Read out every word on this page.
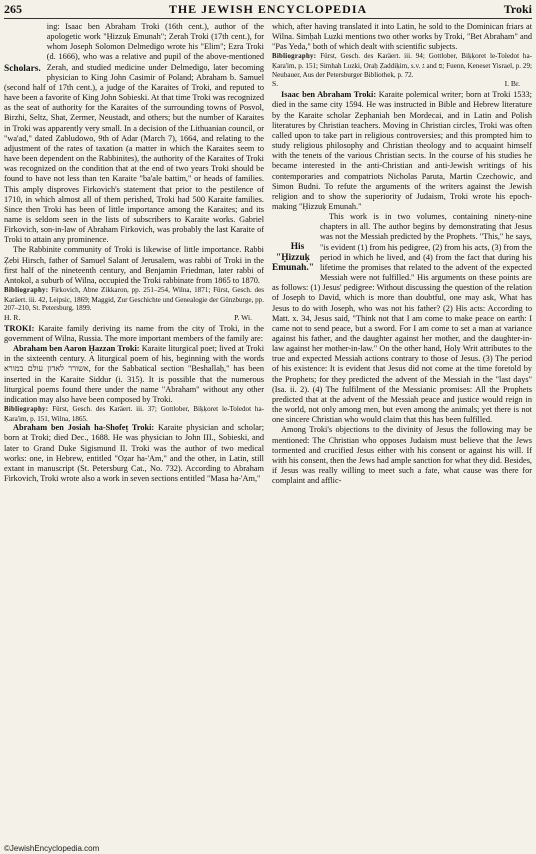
265	THE JEWISH ENCYCLOPEDIA	Troki

Scholars.
ing: Isaac ben Abraham Troki (16th cent.), author of the apologetic work "Ḥizzuḳ Emunah"; Zerah Troki (17th cent.), for whom Joseph Solomon Delmedigo wrote his "Elim"; Ezra Troki (d. 1666), who was a relative and pupil of the above-mentioned Zerah, and studied medicine under Delmedigo, later becoming physician to King John Casimir of Poland; Abraham b. Samuel (second half of 17th cent.), a judge of the Karaites of Troki, and reputed to have been a favorite of King John Sobieski. At that time Troki was recognized as the seat of authority for the Karaites of the surrounding towns of Posvol, Birzhi, Seltz, Shat, Zermer, Neustadt, and others; but the number of Karaites in Troki was apparently very small. In a decision of the Lithuanian council, or "wa'ad," dated Zabludowo, 9th of Adar (March 7), 1664, and relating to the adjustment of the rates of taxation (a matter in which the Karaites seem to have been dependent on the Rabbinites), the authority of the Karaites of Troki was recognized on the condition that at the end of two years Troki should be found to have not less than ten Karaite "ba'ale battim," or heads of families. This amply disproves Firkovich's statement that prior to the pestilence of 1710, in which almost all of them perished, Troki had 500 Karaite families. Since then Troki has been of little importance among the Karaites; and its name is seldom seen in the lists of subscribers to Karaite works. Gabriel Firkovich, son-in-law of Abraham Firkovich, was probably the last Karaite of Troki to attain any prominence.

The Rabbinite community of Troki is likewise of little importance. Rabbi Ẓebi Hirsch, father of Samuel Salant of Jerusalem, was rabbi of Troki in the first half of the nineteenth century, and Benjamin Friedman, later rabbi of Antokol, a suburb of Wilna, occupied the Troki rabbinate from 1865 to 1870.

Bibliography: Firkovich, Abne Zikkaron, pp. 251–254, Wilna, 1871; Fürst, Gesch. des Karäert. iii. 42, Leipsic, 1869; Maggid, Zur Geschichte und Genealogie der Günzburge, pp. 207–210, St. Petersburg, 1899.

H. R.	P. Wi.

TROKI: Karaite family deriving its name from the city of Troki, in the government of Wilna, Russia. The more important members of the family are:

Abraham ben Aaron Ḥazzan Troki: Karaite liturgical poet; lived at Troki in the sixteenth century. A liturgical poem of his, beginning with the words אשורר לאדון עולם במורא, for the Sabbatical section "Beshallaḥ," has been inserted in the Karaite Siddur (i. 315). It is possible that the numerous liturgical poems found there under the name "Abraham" without any other indication may also have been composed by Troki.

Bibliography: Fürst, Gesch. des Karäert. iii. 37; Gottlober, Biḳḳoret le-Toledot ha-Ḳara'im, p. 151, Wilna, 1865.

Abraham ben Josiah ha-Shofeṭ Troki: Karaite physician and scholar; born at Troki; died Dec., 1688. He was physician to John III., Sobieski, and later to Grand Duke Sigismund II. Troki was the author of two medical works: one, in Hebrew, entitled "Oẓar ha-'Am," and the other, in Latin, still extant in manuscript (St. Petersburg Cat., No. 732). According to Abraham Firkovich, Troki wrote also a work in seven sections entitled "Masa ha-'Am,"

which, after having translated it into Latin, he sold to the Dominican friars at Wilna. Simḥah Luzki mentions two other works by Troki, "Bet Abraham" and "Pas Yeda," both of which dealt with scientific subjects.

Bibliography: Fürst, Gesch. des Karäert. iii. 94; Gottlober, Biḳḳoret le-Toledot ha-Ḳara'im, p. 151; Simhah Luzki, Oraḥ Ẓaddiḳim, s.v. ג and פ; Fuenn, Keneset Yisrael, p. 29; Neubauer, Aus der Petersburger Bibliothek, p. 72.

S.	I. Br.

Isaac ben Abraham Troki: Karaite polemical writer; born at Troki 1533; died in the same city 1594. He was instructed in Bible and Hebrew literature by the Karaite scholar Zephaniah ben Mordecai, and in Latin and Polish literatures by Christian teachers. Moving in Christian circles, Troki was often called upon to take part in religious controversies; and this prompted him to study religious philosophy and Christian theology and to acquaint himself with the tenets of the various Christian sects. In the course of his studies he became interested in the anti-Christian and anti-Jewish writings of his contemporaries and compatriots Nicholas Paruta, Martin Czechowic, and Simon Budni. To refute the arguments of the writers against the Jewish religion and to show the superiority of Judaism, Troki wrote his epoch-making "Ḥizzuḳ Emunah."

His
"Ḥizzuḳ
Emunah."
This work is in two volumes, containing ninety-nine chapters in all. The author begins by demonstrating that Jesus was not the Messiah predicted by the Prophets. "This," he says, "is evident (1) from his pedigree, (2) from his acts, (3) from the period in which he lived, and (4) from the fact that during his lifetime the promises that related to the advent of the expected Messiah were not fulfilled." His arguments on these points are as follows: (1) Jesus' pedigree: Without discussing the question of the relation of Joseph to David, which is more than doubtful, one may ask, What has Jesus to do with Joseph, who was not his father? (2) His acts: According to Matt. x. 34, Jesus said, "Think not that I am come to make peace on earth: I came not to send peace, but a sword. For I am come to set a man at variance against his father, and the daughter against her mother, and the daughter-in-law against her mother-in-law." On the other hand, Holy Writ attributes to the true and expected Messiah actions contrary to those of Jesus. (3) The period of his existence: It is evident that Jesus did not come at the time foretold by the Prophets; for they predicted the advent of the Messiah in the "last days" (Isa. ii. 2). (4) The fulfilment of the Messianic promises: All the Prophets predicted that at the advent of the Messiah peace and justice would reign in the world, not only among men, but even among the animals; yet there is not one sincere Christian who would claim that this has been fulfilled.

Among Troki's objections to the divinity of Jesus the following may be mentioned: The Christian who opposes Judaism must believe that the Jews tormented and crucified Jesus either with his consent or against his will. If with his consent, then the Jews had ample sanction for what they did. Besides, if Jesus was really willing to meet such a fate, what cause was there for complaint and afflic-

©JewishEncyclopedia.com
